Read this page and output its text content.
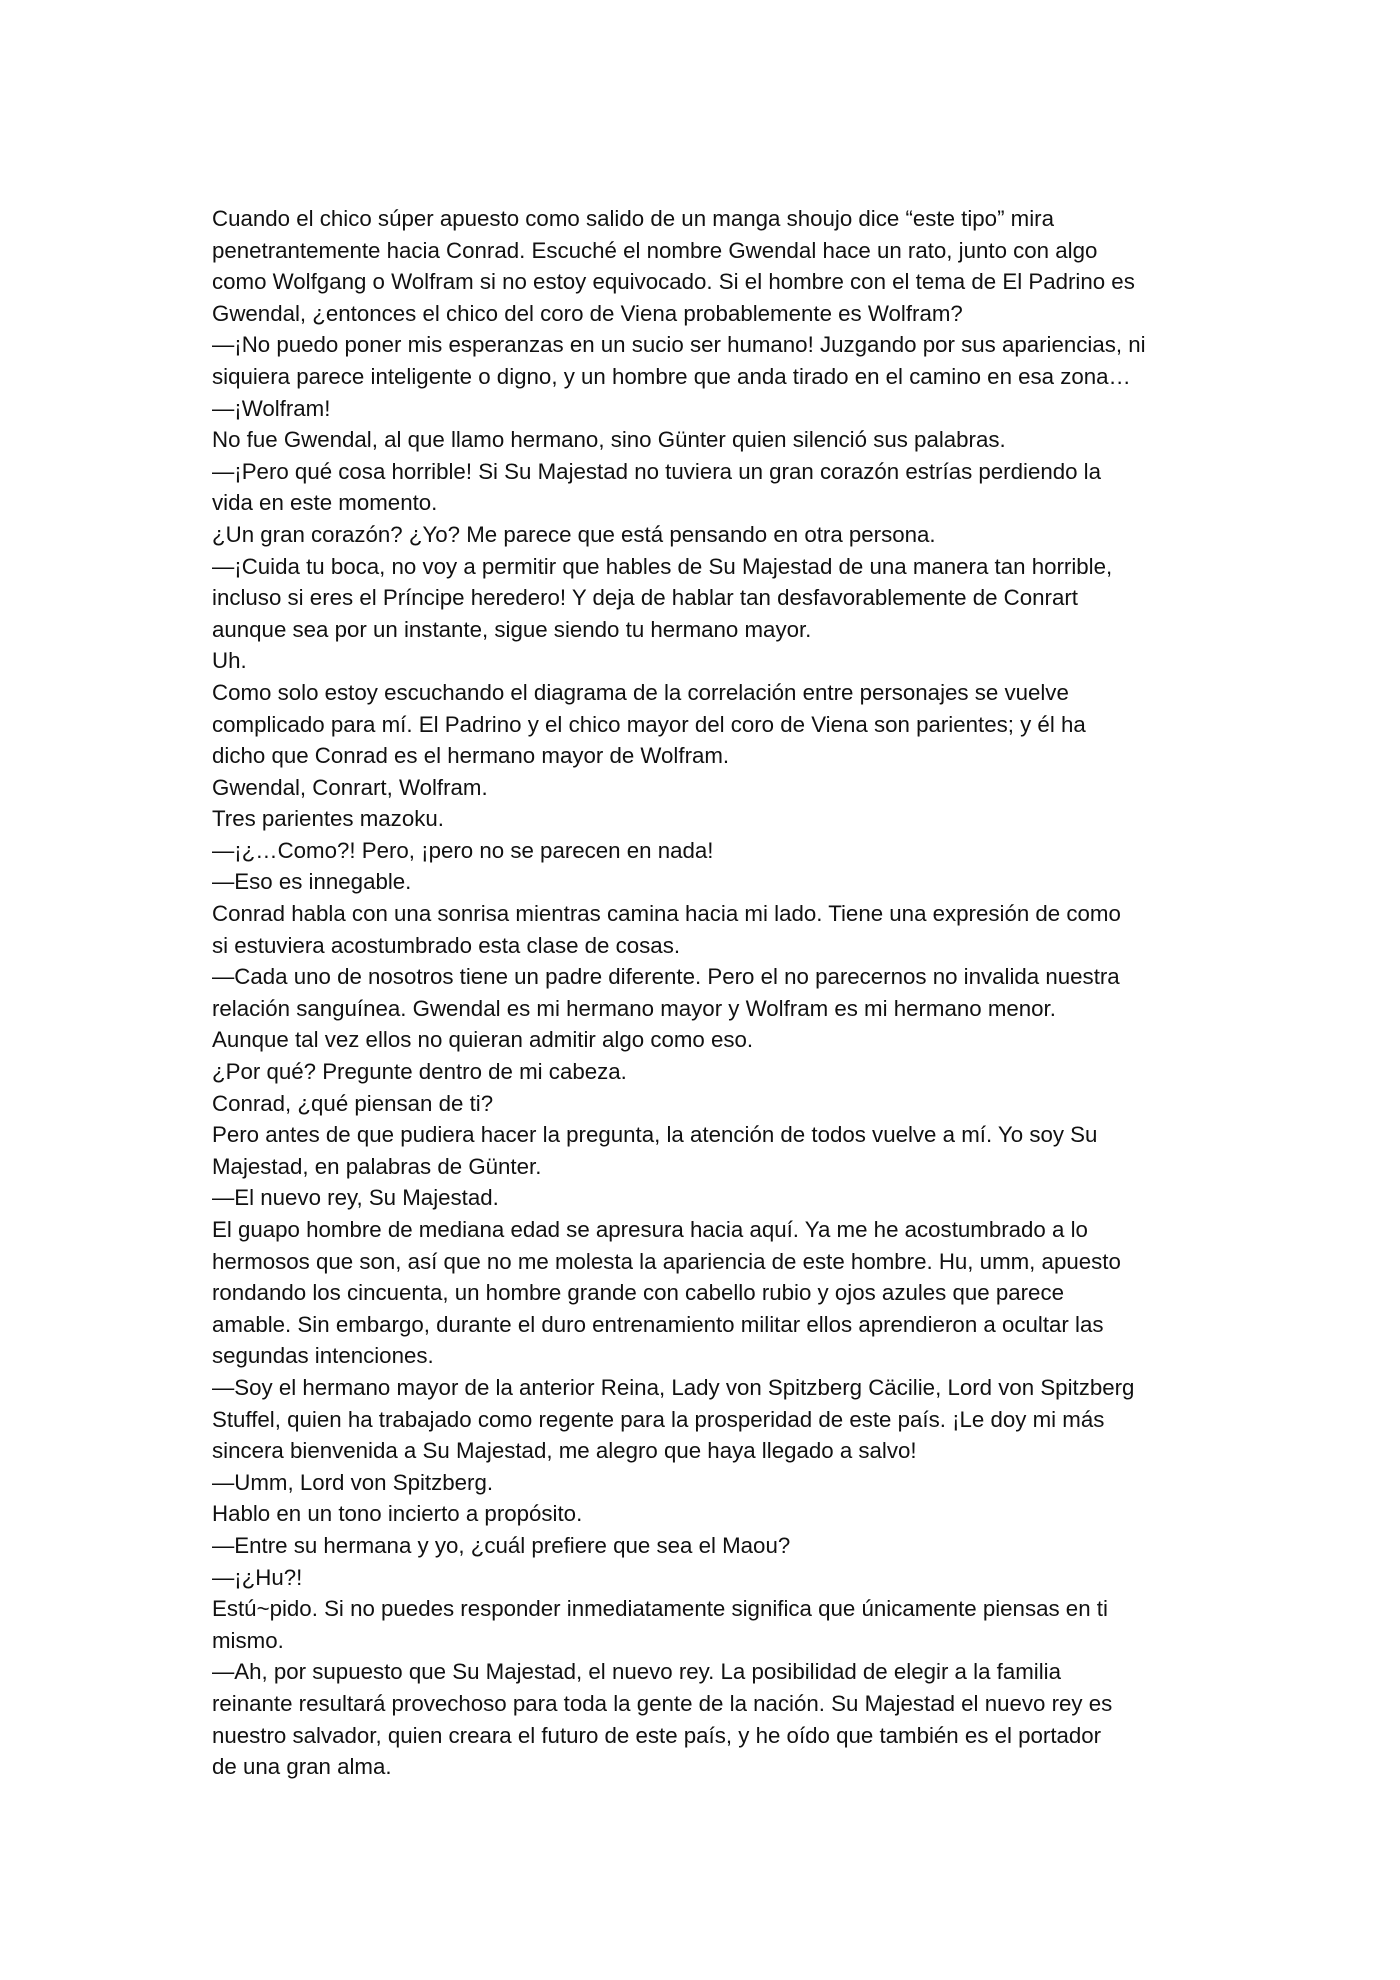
Cuando el chico súper apuesto como salido de un manga shoujo dice “este tipo” mira

penetrantemente hacia Conrad. Escuché el nombre Gwendal hace un rato, junto con algo

como Wolfgang o Wolfram si no estoy equivocado. Si el hombre con el tema de El Padrino es

Gwendal, ¿entonces el chico del coro de Viena probablemente es Wolfram?

—¡No puedo poner mis esperanzas en un sucio ser humano! Juzgando por sus apariencias, ni

siquiera parece inteligente o digno, y un hombre que anda tirado en el camino en esa zona…

—¡Wolfram!

No fue Gwendal, al que llamo hermano, sino Günter quien silenció sus palabras.

—¡Pero qué cosa horrible! Si Su Majestad no tuviera un gran corazón estrías perdiendo la

vida en este momento.

¿Un gran corazón? ¿Yo? Me parece que está pensando en otra persona.

—¡Cuida tu boca, no voy a permitir que hables de Su Majestad de una manera tan horrible,

incluso si eres el Príncipe heredero! Y deja de hablar tan desfavorablemente de Conrart

aunque sea por un instante, sigue siendo tu hermano mayor.

Uh.

Como solo estoy escuchando el diagrama de la correlación entre personajes se vuelve

complicado para mí. El Padrino y el chico mayor del coro de Viena son parientes; y él ha

dicho que Conrad es el hermano mayor de Wolfram.

Gwendal, Conrart, Wolfram.

Tres parientes mazoku.

—¡¿…Como?! Pero, ¡pero no se parecen en nada!

—Eso es innegable.

Conrad habla con una sonrisa mientras camina hacia mi lado. Tiene una expresión de como

si estuviera acostumbrado esta clase de cosas.

—Cada uno de nosotros tiene un padre diferente. Pero el no parecernos no invalida nuestra

relación sanguínea. Gwendal es mi hermano mayor y Wolfram es mi hermano menor.

Aunque tal vez ellos no quieran admitir algo como eso.

¿Por qué? Pregunte dentro de mi cabeza.

Conrad, ¿qué piensan de ti?

Pero antes de que pudiera hacer la pregunta, la atención de todos vuelve a mí. Yo soy Su

Majestad, en palabras de Günter.

—El nuevo rey, Su Majestad.

El guapo hombre de mediana edad se apresura hacia aquí. Ya me he acostumbrado a lo

hermosos que son, así que no me molesta la apariencia de este hombre. Hu, umm, apuesto

rondando los cincuenta, un hombre grande con cabello rubio y ojos azules que parece

amable. Sin embargo, durante el duro entrenamiento militar ellos aprendieron a ocultar las

segundas intenciones.

—Soy el hermano mayor de la anterior Reina, Lady von Spitzberg Cäcilie, Lord von Spitzberg

Stuffel, quien ha trabajado como regente para la prosperidad de este país. ¡Le doy mi más

sincera bienvenida a Su Majestad, me alegro que haya llegado a salvo!

—Umm, Lord von Spitzberg.

Hablo en un tono incierto a propósito.

—Entre su hermana y yo, ¿cuál prefiere que sea el Maou?

—¡¿Hu?!

Estú~pido. Si no puedes responder inmediatamente significa que únicamente piensas en ti

mismo.

—Ah, por supuesto que Su Majestad, el nuevo rey. La posibilidad de elegir a la familia

reinante resultará provechoso para toda la gente de la nación. Su Majestad el nuevo rey es

nuestro salvador, quien creara el futuro de este país, y he oído que también es el portador

de una gran alma.
